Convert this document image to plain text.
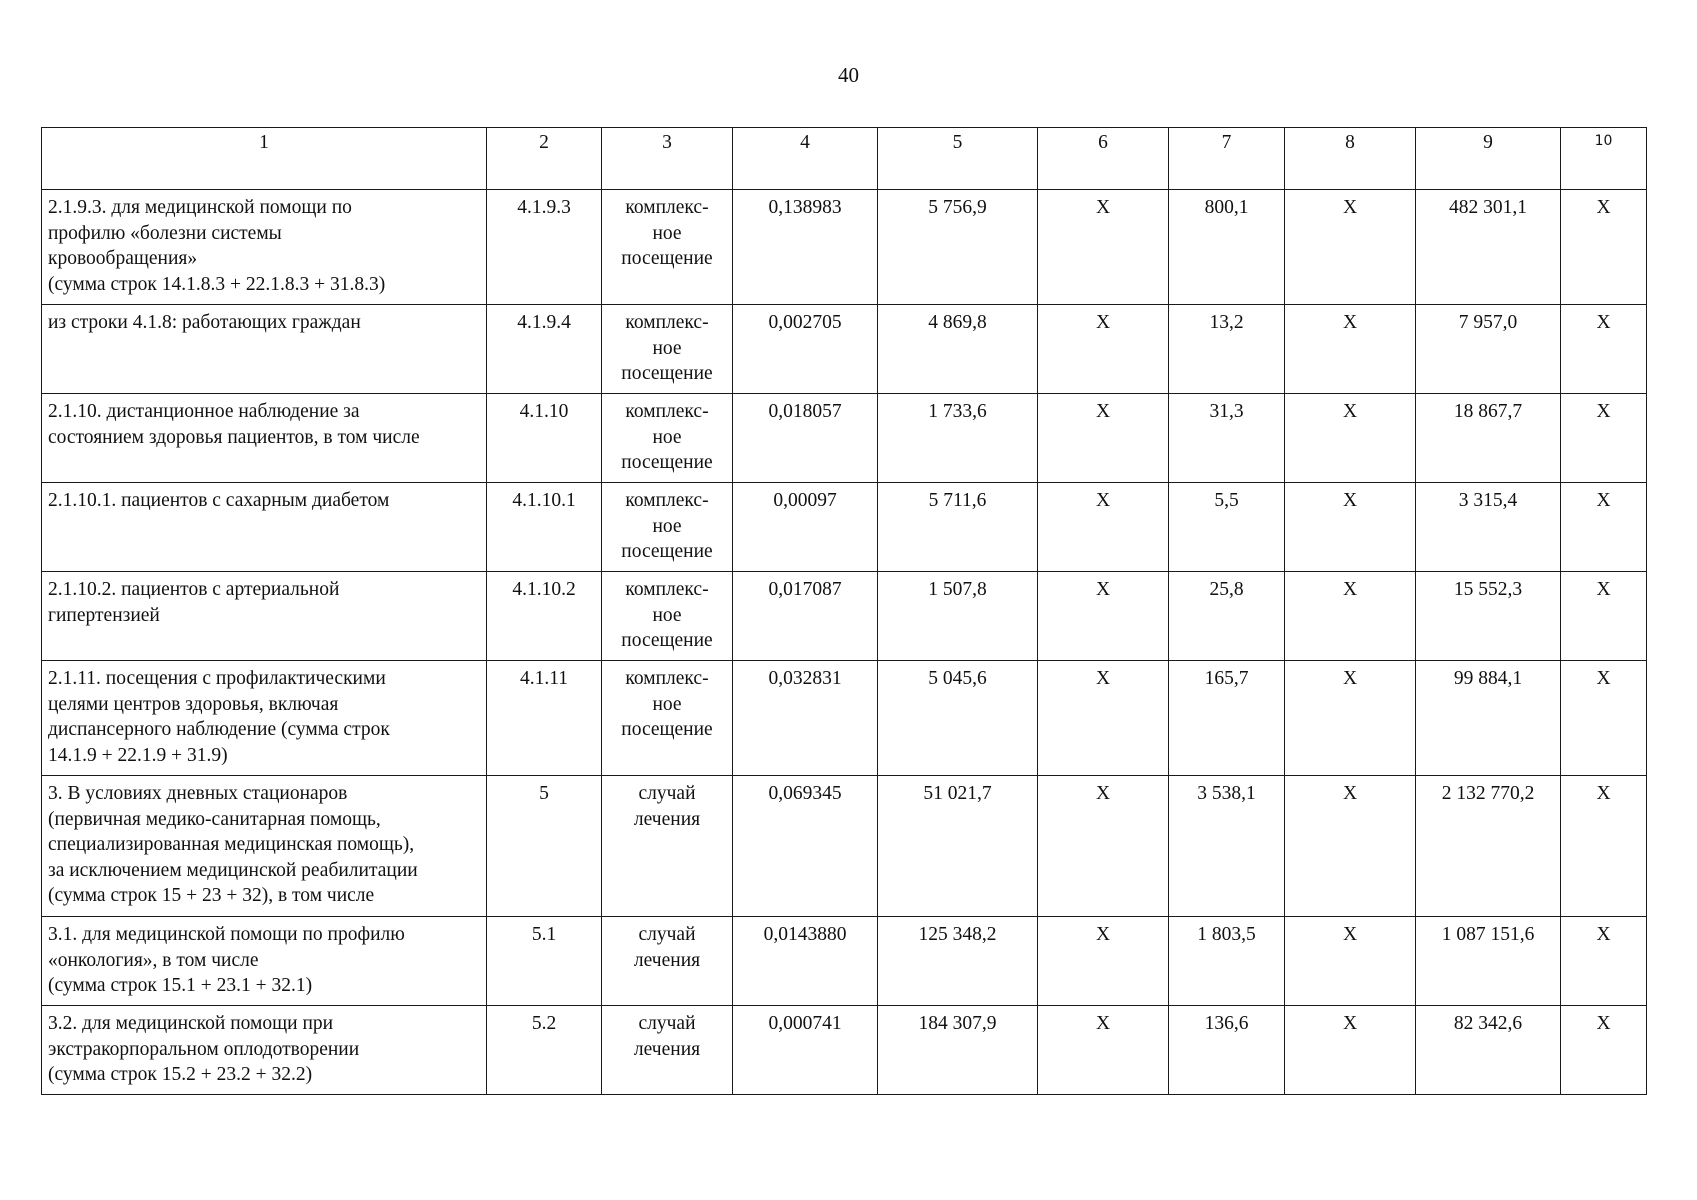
40
1	2	3	4	5	6	7	8	9	10

2.1.9.3. для медицинской помощи по
профилю «болезни системы
кровообращения»
(сумма строк 14.1.8.3 + 22.1.8.3 + 31.8.3)	4.1.9.3	комплекс-
ное
посещение	0,138983	5 756,9	Х	800,1	Х	482 301,1	Х

из строки 4.1.8: работающих граждан	4.1.9.4	комплекс-
ное
посещение	0,002705	4 869,8	Х	13,2	Х	7 957,0	Х

2.1.10. дистанционное наблюдение за
состоянием здоровья пациентов, в том числе	4.1.10	комплекс-
ное
посещение	0,018057	1 733,6	Х	31,3	Х	18 867,7	Х

2.1.10.1. пациентов с сахарным диабетом	4.1.10.1	комплекс-
ное
посещение	0,00097	5 711,6	Х	5,5	Х	3 315,4	Х

2.1.10.2. пациентов с артериальной
гипертензией	4.1.10.2	комплекс-
ное
посещение	0,017087	1 507,8	Х	25,8	Х	15 552,3	Х

2.1.11. посещения с профилактическими
целями центров здоровья, включая
диспансерного наблюдение (сумма строк
14.1.9 + 22.1.9 + 31.9)	4.1.11	комплекс-
ное
посещение	0,032831	5 045,6	Х	165,7	Х	99 884,1	Х

3. В условиях дневных стационаров
(первичная медико-санитарная помощь,
специализированная медицинская помощь),
за исключением медицинской реабилитации
(сумма строк 15 + 23 + 32), в том числе	5	случай
лечения	0,069345	51 021,7	Х	3 538,1	Х	2 132 770,2	Х

3.1. для медицинской помощи по профилю
«онкология», в том числе
(сумма строк 15.1 + 23.1 + 32.1)	5.1	случай
лечения	0,0143880	125 348,2	Х	1 803,5	Х	1 087 151,6	Х

3.2. для медицинской помощи при
экстракорпоральном оплодотворении
(сумма строк 15.2 + 23.2 + 32.2)	5.2	случай
лечения	0,000741	184 307,9	Х	136,6	Х	82 342,6	Х
